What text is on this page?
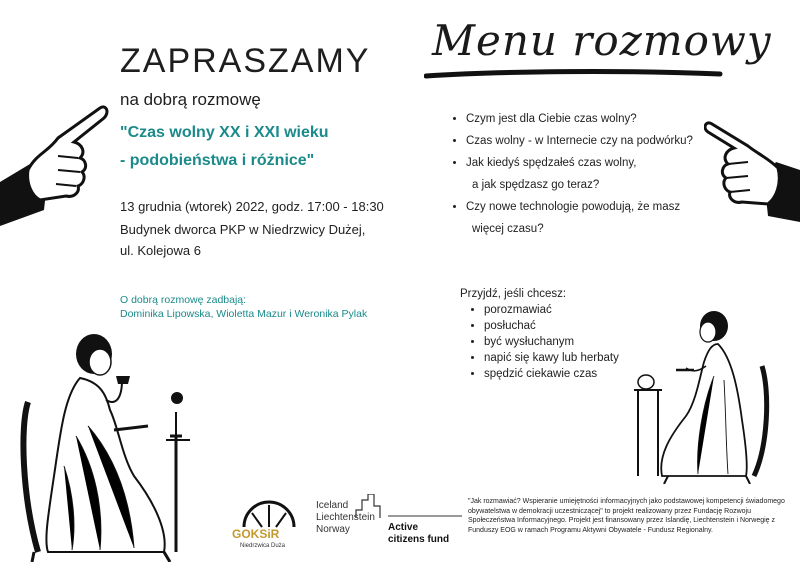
ZAPRASZAMY
na dobrą rozmowę
"Czas wolny XX i XXI wieku
- podobieństwa i różnice"
13 grudnia (wtorek) 2022, godz. 17:00 - 18:30
Budynek dworca PKP w Niedrzwicy Dużej,
ul. Kolejowa 6
O dobrą rozmowę zadbają:
Dominika Lipowska, Wioletta Mazur i Weronika Pylak
Menu rozmowy
• Czym jest dla Ciebie czas wolny?
• Czas wolny - w Internecie czy na podwórku?
• Jak kiedyś spędzałeś czas wolny,
a jak spędzasz go teraz?
• Czy nowe technologie powodują, że masz
więcej czasu?
Przyjdź, jeśli chcesz:
• porozmawiać
• posłuchać
• być wysłuchanym
• napić się kawy lub herbaty
• spędzić ciekawie czas
GOKSiR
Niedrzwica Duża
Iceland
Liechtenstein
Norway	Active
citizens fund
"Jak rozmawiać? Wspieranie umiejętności informacyjnych jako podstawowej kompetencji świadomego obywatelstwa w demokracji uczestniczącej" to projekt realizowany przez Fundację Rozwoju Społeczeństwa Informacyjnego. Projekt jest finansowany przez Islandię, Liechtenstein i Norwegię z Funduszy EOG w ramach Programu Aktywni Obywatele - Fundusz Regionalny.
